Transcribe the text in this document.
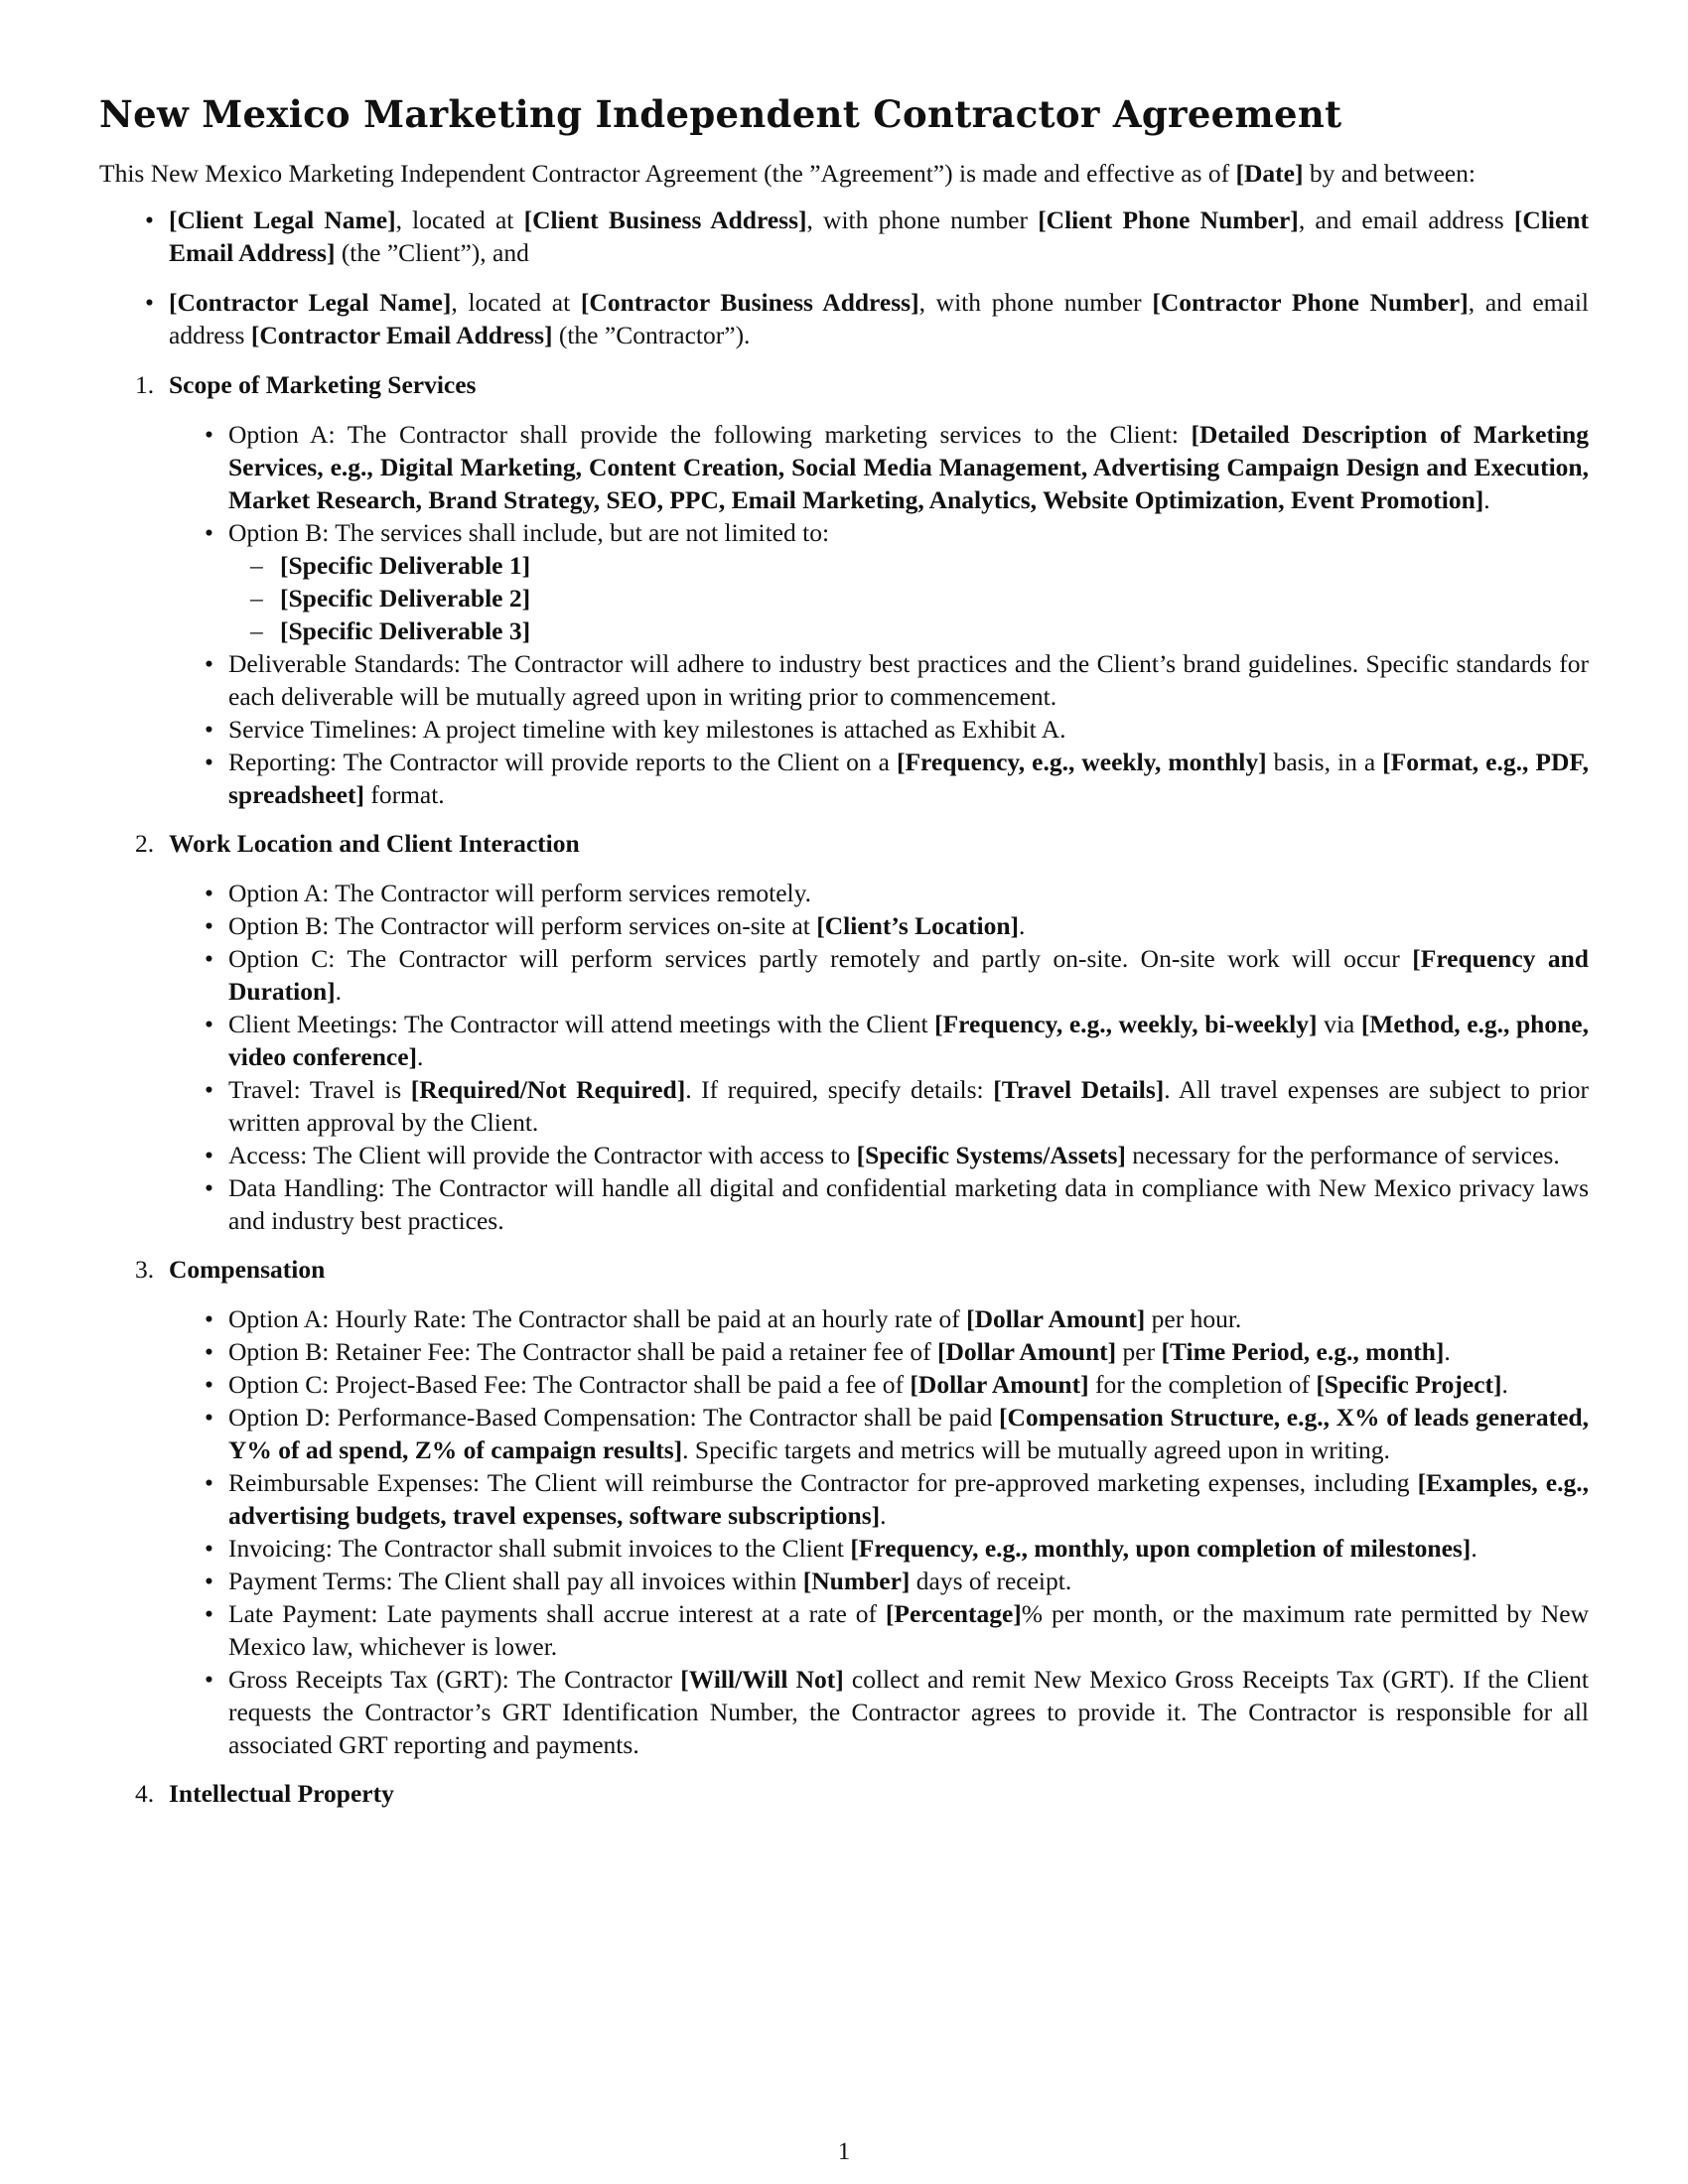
New Mexico Marketing Independent Contractor Agreement

This New Mexico Marketing Independent Contractor Agreement (the ”Agreement”) is made and effective as of [Date] by and between:

• [Client Legal Name], located at [Client Business Address], with phone number [Client Phone Number], and email address [Client Email Address] (the ”Client”), and
• [Contractor Legal Name], located at [Contractor Business Address], with phone number [Contractor Phone Number], and email address [Contractor Email Address] (the ”Contractor”).
1. Scope of Marketing Services
• Option A: The Contractor shall provide the following marketing services to the Client: [Detailed Description of Marketing Services, e.g., Digital Marketing, Content Creation, Social Media Management, Advertising Campaign Design and Execution, Market Research, Brand Strategy, SEO, PPC, Email Marketing, Analytics, Website Optimization, Event Promotion].
• Option B: The services shall include, but are not limited to:
– [Specific Deliverable 1]
– [Specific Deliverable 2]
– [Specific Deliverable 3]
• Deliverable Standards: The Contractor will adhere to industry best practices and the Client’s brand guidelines. Specific standards for each deliverable will be mutually agreed upon in writing prior to commencement.
• Service Timelines: A project timeline with key milestones is attached as Exhibit A.
• Reporting: The Contractor will provide reports to the Client on a [Frequency, e.g., weekly, monthly] basis, in a [Format, e.g., PDF, spreadsheet] format.
2. Work Location and Client Interaction
• Option A: The Contractor will perform services remotely.
• Option B: The Contractor will perform services on-site at [Client’s Location].
• Option C: The Contractor will perform services partly remotely and partly on-site. On-site work will occur [Frequency and Duration].
• Client Meetings: The Contractor will attend meetings with the Client [Frequency, e.g., weekly, bi-weekly] via [Method, e.g., phone, video conference].
• Travel: Travel is [Required/Not Required]. If required, specify details: [Travel Details]. All travel expenses are subject to prior written approval by the Client.
• Access: The Client will provide the Contractor with access to [Specific Systems/Assets] necessary for the performance of services.
• Data Handling: The Contractor will handle all digital and confidential marketing data in compliance with New Mexico privacy laws and industry best practices.
3. Compensation
• Option A: Hourly Rate: The Contractor shall be paid at an hourly rate of [Dollar Amount] per hour.
• Option B: Retainer Fee: The Contractor shall be paid a retainer fee of [Dollar Amount] per [Time Period, e.g., month].
• Option C: Project-Based Fee: The Contractor shall be paid a fee of [Dollar Amount] for the completion of [Specific Project].
• Option D: Performance-Based Compensation: The Contractor shall be paid [Compensation Structure, e.g., X% of leads generated, Y% of ad spend, Z% of campaign results]. Specific targets and metrics will be mutually agreed upon in writing.
• Reimbursable Expenses: The Client will reimburse the Contractor for pre-approved marketing expenses, including [Examples, e.g., advertising budgets, travel expenses, software subscriptions].
• Invoicing: The Contractor shall submit invoices to the Client [Frequency, e.g., monthly, upon completion of milestones].
• Payment Terms: The Client shall pay all invoices within [Number] days of receipt.
• Late Payment: Late payments shall accrue interest at a rate of [Percentage]% per month, or the maximum rate permitted by New Mexico law, whichever is lower.
• Gross Receipts Tax (GRT): The Contractor [Will/Will Not] collect and remit New Mexico Gross Receipts Tax (GRT). If the Client requests the Contractor’s GRT Identification Number, the Contractor agrees to provide it. The Contractor is responsible for all associated GRT reporting and payments.
4. Intellectual Property
1
